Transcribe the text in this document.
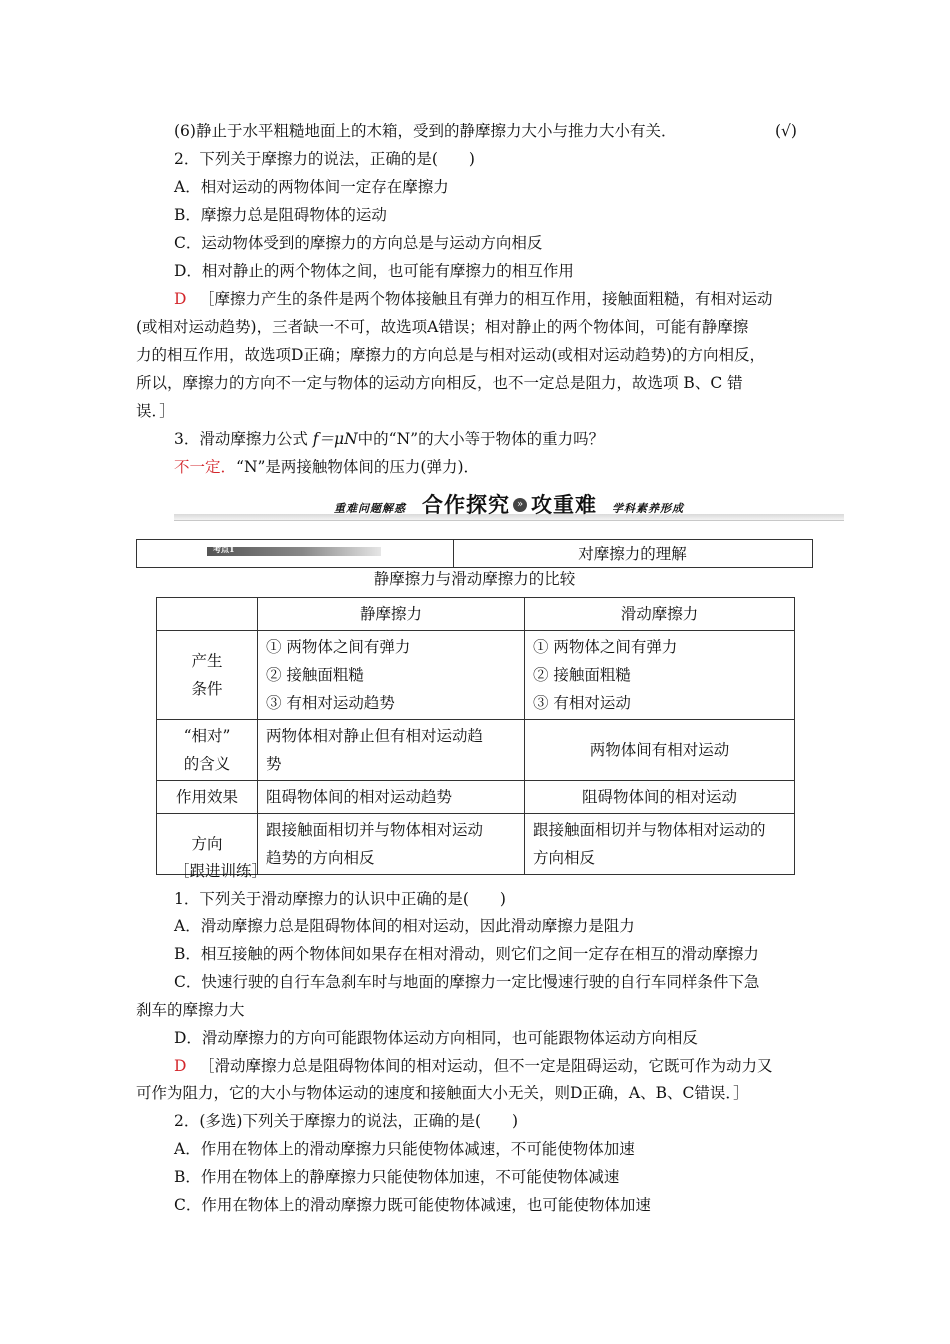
(6)静止于水平粗糙地面上的木箱，受到的静摩擦力大小与推力大小有关．	(√)
2．下列关于摩擦力的说法，正确的是(　　)
A．相对运动的两物体间一定存在摩擦力
B．摩擦力总是阻碍物体的运动
C．运动物体受到的摩擦力的方向总是与运动方向相反
D．相对静止的两个物体之间，也可能有摩擦力的相互作用
D ［摩擦力产生的条件是两个物体接触且有弹力的相互作用，接触面粗糙，有相对运动
(或相对运动趋势)，三者缺一不可，故选项A错误；相对静止的两个物体间，可能有静摩擦
力的相互作用，故选项D正确；摩擦力的方向总是与相对运动(或相对运动趋势)的方向相反，
所以，摩擦力的方向不一定与物体的运动方向相反，也不一定总是阻力，故选项 B、C 错
误．］
3．滑动摩擦力公式 f＝μN中的“N”的大小等于物体的重力吗？
不一定．“N”是两接触物体间的压力(弹力)．
重难问题解惑 合作探究 » 攻重难 学科素养形成
考点1	对摩擦力的理解
静摩擦力与滑动摩擦力的比较
	静摩擦力	滑动摩擦力

产生
条件	① 两物体之间有弹力
② 接触面粗糙
③ 有相对运动趋势	① 两物体之间有弹力
② 接触面粗糙
③ 有相对运动

“相对”
的含义	两物体相对静止但有相对运动趋
势	两物体间有相对运动

作用效果	阻碍物体间的相对运动趋势	阻碍物体间的相对运动

方向	跟接触面相切并与物体相对运动
趋势的方向相反	跟接触面相切并与物体相对运动的
方向相反
［跟进训练］
1．下列关于滑动摩擦力的认识中正确的是(　　)
A．滑动摩擦力总是阻碍物体间的相对运动，因此滑动摩擦力是阻力
B．相互接触的两个物体间如果存在相对滑动，则它们之间一定存在相互的滑动摩擦力
C．快速行驶的自行车急刹车时与地面的摩擦力一定比慢速行驶的自行车同样条件下急
刹车的摩擦力大
D．滑动摩擦力的方向可能跟物体运动方向相同，也可能跟物体运动方向相反
D ［滑动摩擦力总是阻碍物体间的相对运动，但不一定是阻碍运动，它既可作为动力又
可作为阻力，它的大小与物体运动的速度和接触面大小无关，则D正确，A、B、C错误．］
2．(多选)下列关于摩擦力的说法，正确的是(　　)
A．作用在物体上的滑动摩擦力只能使物体减速，不可能使物体加速
B．作用在物体上的静摩擦力只能使物体加速，不可能使物体减速
C．作用在物体上的滑动摩擦力既可能使物体减速，也可能使物体加速
